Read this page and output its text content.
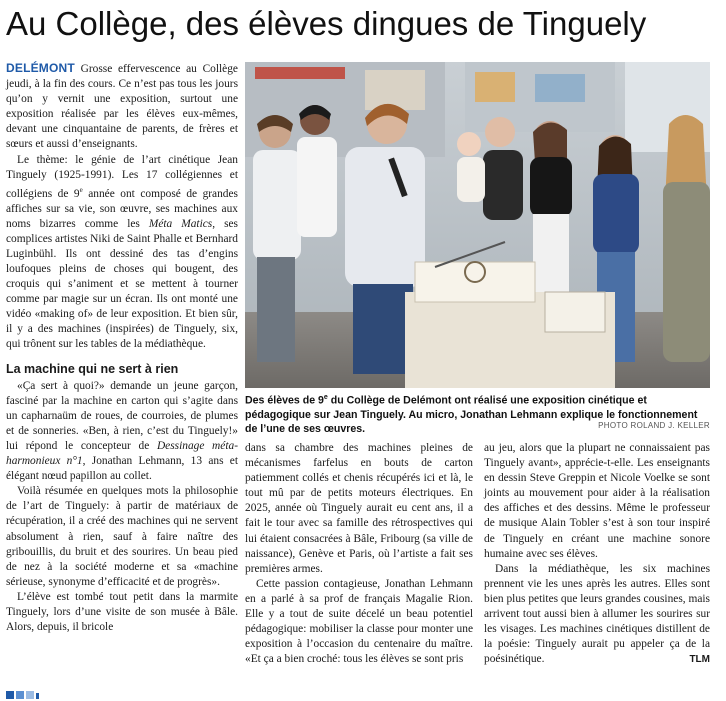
Au Collège, des élèves dingues de Tinguely

DELÉMONT Grosse effervescence au Collège jeudi, à la fin des cours. Ce n’est pas tous les jours qu’on y vernit une exposition, surtout une exposition réalisée par les élèves eux-mêmes, devant une cinquantaine de parents, de frères et sœurs et aussi d’enseignants.

Le thème: le génie de l’art cinétique Jean Tinguely (1925-1991). Les 17 collégiennes et collégiens de 9e année ont composé de grandes affiches sur sa vie, son œuvre, ses machines aux noms bizarres comme les Méta Matics, ses complices artistes Niki de Saint Phalle et Bernhard Luginbühl. Ils ont dessiné des tas d’engins loufoques pleins de choses qui bougent, des croquis qui s’animent et se mettent à tourner comme par magie sur un écran. Ils ont monté une vidéo «making of» de leur exposition. Et bien sûr, il y a des machines (inspirées) de Tinguely, six, qui trônent sur les tables de la médiathèque.

La machine qui ne sert à rien

«Ça sert à quoi?» demande un jeune garçon, fasciné par la machine en carton qui s’agite dans un capharnaüm de roues, de courroies, de plumes et de sonneries. «Ben, à rien, c’est du Tinguely!» lui répond le concepteur de Dessinage méta-harmonieux n°1, Jonathan Lehmann, 13 ans et élégant nœud papillon au collet.

Voilà résumée en quelques mots la philosophie de l’art de Tinguely: à partir de matériaux de récupération, il a créé des machines qui ne servent absolument à rien, sauf à faire naître des gribouillis, du bruit et des sourires. Un beau pied de nez à la société moderne et sa «machine sérieuse, synonyme d’efficacité et de progrès».

L’élève est tombé tout petit dans la marmite Tinguely, lors d’une visite de son musée à Bâle. Alors, depuis, il bricole

Des élèves de 9e du Collège de Delémont ont réalisé une exposition cinétique et pédagogique sur Jean Tinguely. Au micro, Jonathan Lehmann explique le fonctionnement de l’une de ses œuvres.	PHOTO ROLAND J. KELLER

dans sa chambre des machines pleines de mécanismes farfelus en bouts de carton patiemment collés et chenis récupérés ici et là, le tout mû par de petits moteurs électriques. En 2025, année où Tinguely aurait eu cent ans, il a fait le tour avec sa famille des rétrospectives qui lui étaient consacrées à Bâle, Fribourg (sa ville de naissance), Genève et Paris, où l’artiste a fait ses premières armes.

Cette passion contagieuse, Jonathan Lehmann en a parlé à sa prof de français Magalie Rion. Elle y a tout de suite décelé un beau potentiel pédagogique: mobiliser la classe pour monter une exposition à l’occasion du centenaire du maître. «Et ça a bien croché: tous les élèves se sont pris

au jeu, alors que la plupart ne connaissaient pas Tinguely avant», apprécie-t-elle. Les enseignants en dessin Steve Greppin et Nicole Voelke se sont joints au mouvement pour aider à la réalisation des affiches et des dessins. Même le professeur de musique Alain Tobler s’est à son tour inspiré de Tinguely en créant une machine sonore humaine avec ses élèves.

Dans la médiathèque, les six machines prennent vie les unes après les autres. Elles sont bien plus petites que leurs grandes cousines, mais arrivent tout aussi bien à allumer les sourires sur les visages. Les machines cinétiques distillent de la poésie: Tinguely aurait pu appeler ça de la poésinétique.	TLM
